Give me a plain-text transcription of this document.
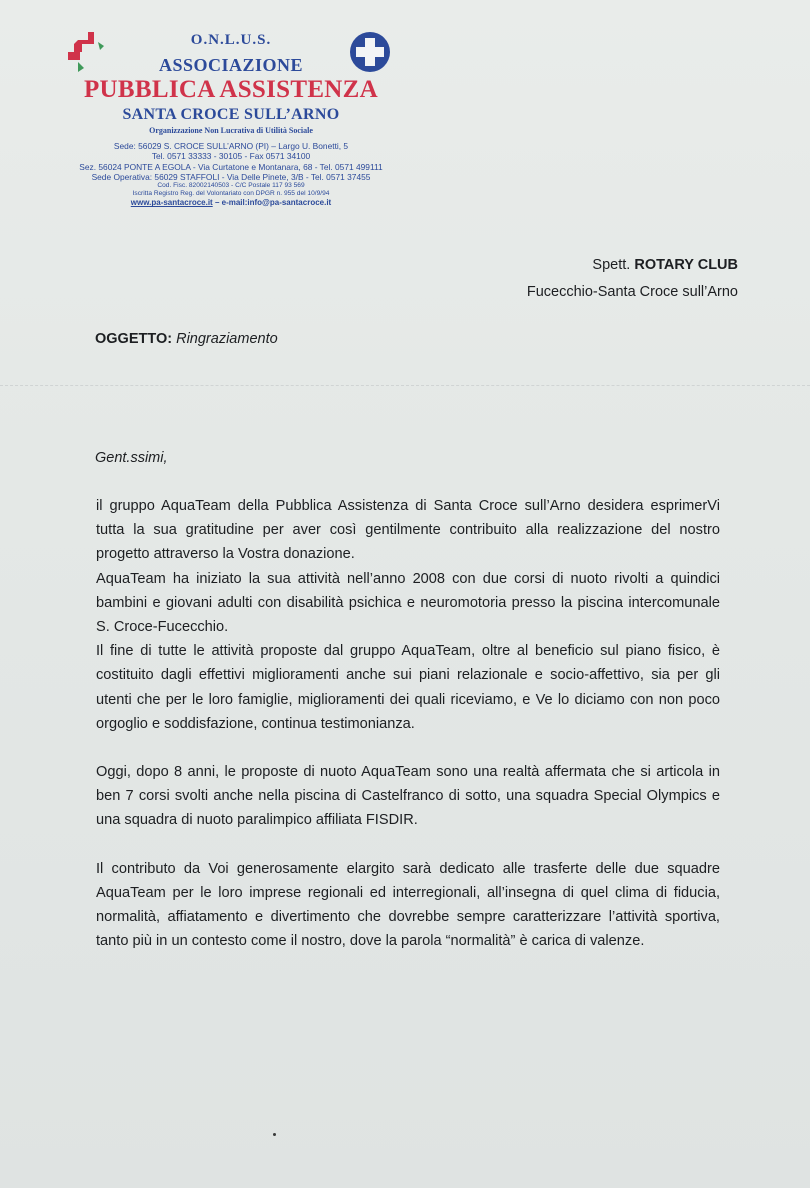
O.N.L.U.S.
ASSOCIAZIONE
PUBBLICA ASSISTENZA
SANTA CROCE SULL’ARNO
Organizzazione Non Lucrativa di Utilità Sociale
Sede: 56029 S. CROCE SULL’ARNO (PI) – Largo U. Bonetti, 5
Tel. 0571 33333 - 30105 - Fax 0571 34100
Sez. 56024 PONTE A EGOLA - Via Curtatone e Montanara, 68 - Tel. 0571 499111
Sede Operativa: 56029 STAFFOLI - Via Delle Pinete, 3/B - Tel. 0571 37455
Cod. Fisc. 82002140503 - C/C Postale 117 93 569
Iscritta Registro Reg. del Volontariato con DPGR n. 955 del 10/9/94
www.pa-santacroce.it – e-mail:info@pa-santacroce.it
Spett. ROTARY CLUB
Fucecchio-Santa Croce sull’Arno
OGGETTO: Ringraziamento
Gent.ssimi,

il gruppo AquaTeam della Pubblica Assistenza di Santa Croce sull’Arno desidera esprimerVi tutta la sua gratitudine per aver così gentilmente contribuito alla realizzazione del nostro progetto attraverso la Vostra donazione.

AquaTeam ha iniziato la sua attività nell’anno 2008 con due corsi di nuoto rivolti a quindici bambini e giovani adulti con disabilità psichica e neuromotoria presso la piscina intercomunale S. Croce-Fucecchio.

Il fine di tutte le attività proposte dal gruppo AquaTeam, oltre al beneficio sul piano fisico, è costituito dagli effettivi miglioramenti anche sui piani relazionale e socio-affettivo, sia per gli utenti che per le loro famiglie, miglioramenti dei quali riceviamo, e Ve lo diciamo con non poco orgoglio e soddisfazione, continua testimonianza.

Oggi, dopo 8 anni, le proposte di nuoto AquaTeam sono una realtà affermata che si articola in ben 7 corsi svolti anche nella piscina di Castelfranco di sotto, una squadra Special Olympics e una squadra di nuoto paralimpico affiliata FISDIR.

Il contributo da Voi generosamente elargito sarà dedicato alle trasferte delle due squadre AquaTeam per le loro imprese regionali ed interregionali, all’insegna di quel clima di fiducia, normalità, affiatamento e divertimento che dovrebbe sempre caratterizzare l’attività sportiva, tanto più in un contesto come il nostro, dove la parola “normalità” è carica di valenze.
